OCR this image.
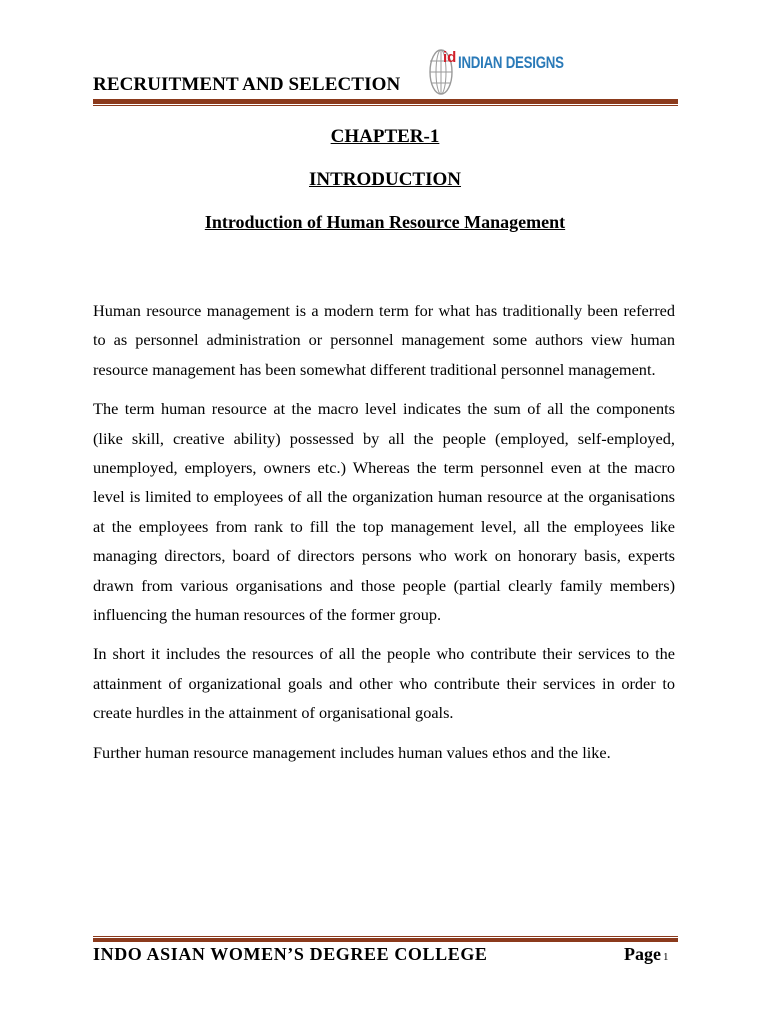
RECRUITMENT AND SELECTION
id INDIAN DESIGNS
CHAPTER-1
INTRODUCTION
Introduction of Human Resource Management

Human resource management is a modern term for what has traditionally been referred to as personnel administration or personnel management some authors view human resource management has been somewhat different traditional personnel management.

The term human resource at the macro level indicates the sum of all the components (like skill, creative ability) possessed by all the people (employed, self-employed, unemployed, employers, owners etc.) Whereas the term personnel even at the macro level is limited to employees of all the organization human resource at the organisations at the employees from rank to fill the top management level, all the employees like managing directors, board of directors persons who work on honorary basis, experts drawn from various organisations and those people (partial clearly family members) influencing the human resources of the former group.

In short it includes the resources of all the people who contribute their services to the attainment of organizational goals and other who contribute their services in order to create hurdles in the attainment of organisational goals.

Further human resource management includes human values ethos and the like.

INDO ASIAN WOMEN’S DEGREE COLLEGE	Page 1
